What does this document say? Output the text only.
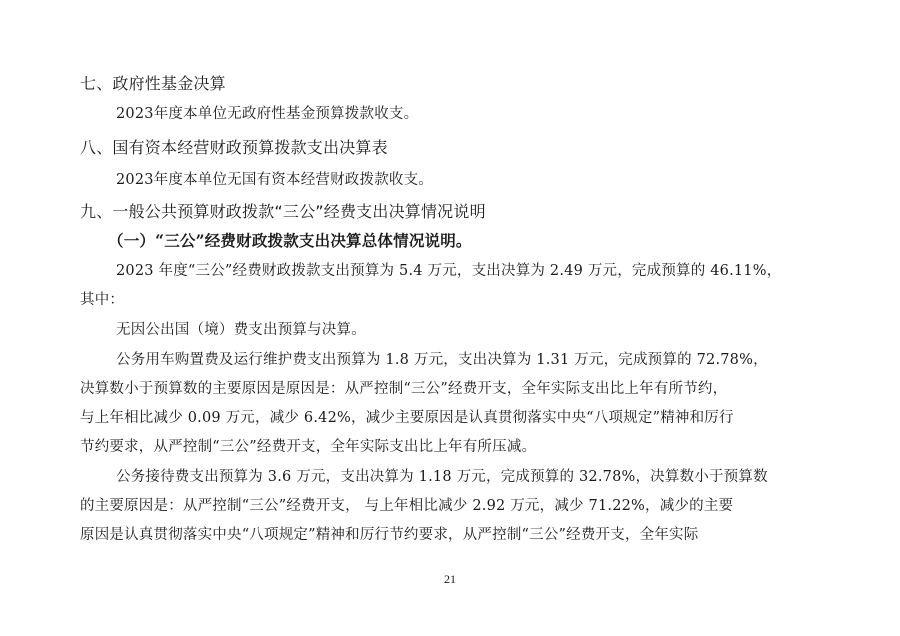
七、政府性基金决算
2023年度本单位无政府性基金预算拨款收支。
八、国有资本经营财政预算拨款支出决算表
2023年度本单位无国有资本经营财政拨款收支。
九、一般公共预算财政拨款“三公”经费支出决算情况说明
（一）“三公”经费财政拨款支出决算总体情况说明。
2023 年度“三公”经费财政拨款支出预算为 5.4 万元，支出决算为 2.49 万元，完成预算的 46.11%，
其中：
无因公出国（境）费支出预算与决算。
公务用车购置费及运行维护费支出预算为 1.8 万元，支出决算为 1.31 万元，完成预算的 72.78%，
决算数小于预算数的主要原因是原因是：从严控制“三公”经费开支，全年实际支出比上年有所节约，
与上年相比减少 0.09 万元，减少 6.42%，减少主要原因是认真贯彻落实中央“八项规定”精神和厉行
节约要求，从严控制“三公”经费开支，全年实际支出比上年有所压减。
公务接待费支出预算为 3.6 万元，支出决算为 1.18 万元，完成预算的 32.78%，决算数小于预算数
的主要原因是：从严控制“三公”经费开支， 与上年相比减少 2.92 万元，减少 71.22%，减少的主要
原因是认真贯彻落实中央“八项规定”精神和厉行节约要求，从严控制“三公”经费开支，全年实际
21
